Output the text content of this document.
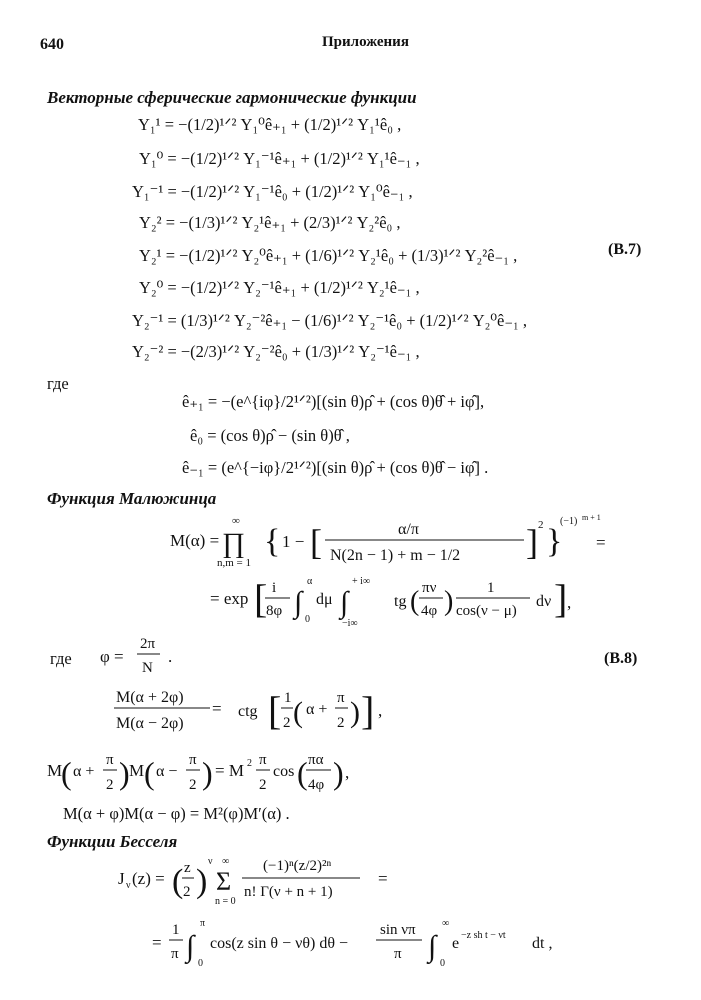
640	Приложения
Векторные сферические гармонические функции
Y₁¹ = −(1/2)¹ᐟ² Y₁⁰ê₊₁ + (1/2)¹ᐟ² Y₁¹ê₀ ,
Y₁⁰ = −(1/2)¹ᐟ² Y₁⁻¹ê₊₁ + (1/2)¹ᐟ² Y₁¹ê₋₁ ,
Y₁⁻¹ = −(1/2)¹ᐟ² Y₁⁻¹ê₀ + (1/2)¹ᐟ² Y₁⁰ê₋₁ ,
Y₂² = −(1/3)¹ᐟ² Y₂¹ê₊₁ + (2/3)¹ᐟ² Y₂²ê₀ ,
Y₂¹ = −(1/2)¹ᐟ² Y₂⁰ê₊₁ + (1/6)¹ᐟ² Y₂¹ê₀ + (1/3)¹ᐟ² Y₂²ê₋₁ ,
Y₂⁰ = −(1/2)¹ᐟ² Y₂⁻¹ê₊₁ + (1/2)¹ᐟ² Y₂¹ê₋₁ ,
Y₂⁻¹ = (1/3)¹ᐟ² Y₂⁻²ê₊₁ − (1/6)¹ᐟ² Y₂⁻¹ê₀ + (1/2)¹ᐟ² Y₂⁰ê₋₁ ,
Y₂⁻² = −(2/3)¹ᐟ² Y₂⁻²ê₀ + (1/3)¹ᐟ² Y₂⁻¹ê₋₁ ,
(В.7)
где
ê₊₁ = −(e^{iφ}/2¹ᐟ²)[(sin θ)ρ̂ + (cos θ)θ̂ + iφ̂],
ê₀ = (cos θ)ρ̂ − (sin θ)θ̂ ,
ê₋₁ = (e^{−iφ}/2¹ᐟ²)[(sin θ)ρ̂ + (cos θ)θ̂ − iφ̂] .
Функция Малюжинца
M(α) =
∞
∏
n,m = 1
{ 1 − [	α/π
N(2n − 1) + m − 1/2 ] 2 }
(−1) m + 1
=
= exp [ i
8φ ∫
α
0
dμ ∫
+ i∞
−i∞
tg ( πν
4φ ) 1
cos(ν − μ)
dν ] ,
где φ =
2π
N
.	(В.8)
M(α + 2φ)
M(α − 2φ)
= ctg [ 1
2 ( α +
π
2 ) ] ,
M
( α +
π
2 ) M ( α −
π
2 ) = M 2 π
2
cos ( πα
4φ ) ,
M(α + φ)M(α − φ) = M²(φ)M′(α) .
Функции Бесселя
J ν (z) = ( z
2 )
ν ∞
Σ
n = 0
(−1)ⁿ(z/2)²ⁿ
n! Γ(ν + n + 1)
=
=
1
π ∫
π
0
cos(z sin θ − νθ) dθ −
sin νπ
π ∫
∞
0
e −z sh t − νt dt ,
